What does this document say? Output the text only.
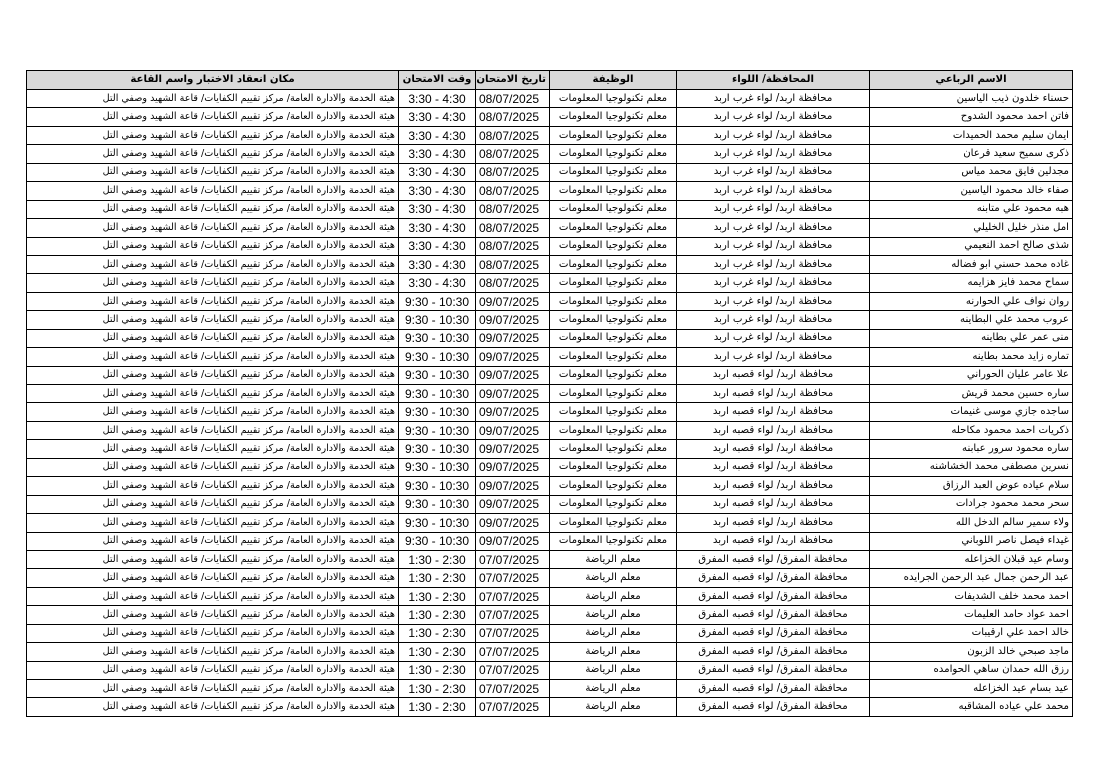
الاسم الرباعي	المحافظة/ اللواء	الوظيفة	تاريخ الامتحان	وقت الامتحان	مكان انعقاد الاختبار واسم القاعة
حسناء خلدون ذيب الياسين	محافظة اربد/ لواء غرب اربد	معلم تكنولوجيا المعلومات	08/07/2025	3:30 - 4:30	هيئة الخدمة والادارة العامة/ مركز تقييم الكفايات/ قاعة الشهيد وصفي التل
فاتن احمد محمود الشدوح	محافظة اربد/ لواء غرب اربد	معلم تكنولوجيا المعلومات	08/07/2025	3:30 - 4:30	هيئة الخدمة والادارة العامة/ مركز تقييم الكفايات/ قاعة الشهيد وصفي التل
ايمان سليم محمد الحميدات	محافظة اربد/ لواء غرب اربد	معلم تكنولوجيا المعلومات	08/07/2025	3:30 - 4:30	هيئة الخدمة والادارة العامة/ مركز تقييم الكفايات/ قاعة الشهيد وصفي التل
ذكرى سميح سعيد قرعان	محافظة اربد/ لواء غرب اربد	معلم تكنولوجيا المعلومات	08/07/2025	3:30 - 4:30	هيئة الخدمة والادارة العامة/ مركز تقييم الكفايات/ قاعة الشهيد وصفي التل
مجدلين فايق محمد مياس	محافظة اربد/ لواء غرب اربد	معلم تكنولوجيا المعلومات	08/07/2025	3:30 - 4:30	هيئة الخدمة والادارة العامة/ مركز تقييم الكفايات/ قاعة الشهيد وصفي التل
صفاء خالد محمود الياسين	محافظة اربد/ لواء غرب اربد	معلم تكنولوجيا المعلومات	08/07/2025	3:30 - 4:30	هيئة الخدمة والادارة العامة/ مركز تقييم الكفايات/ قاعة الشهيد وصفي التل
هبه محمود علي متابنه	محافظة اربد/ لواء غرب اربد	معلم تكنولوجيا المعلومات	08/07/2025	3:30 - 4:30	هيئة الخدمة والادارة العامة/ مركز تقييم الكفايات/ قاعة الشهيد وصفي التل
امل منذر خليل الخليلي	محافظة اربد/ لواء غرب اربد	معلم تكنولوجيا المعلومات	08/07/2025	3:30 - 4:30	هيئة الخدمة والادارة العامة/ مركز تقييم الكفايات/ قاعة الشهيد وصفي التل
شذى صالح احمد النعيمي	محافظة اربد/ لواء غرب اربد	معلم تكنولوجيا المعلومات	08/07/2025	3:30 - 4:30	هيئة الخدمة والادارة العامة/ مركز تقييم الكفايات/ قاعة الشهيد وصفي التل
غاده محمد حسني ابو فضاله	محافظة اربد/ لواء غرب اربد	معلم تكنولوجيا المعلومات	08/07/2025	3:30 - 4:30	هيئة الخدمة والادارة العامة/ مركز تقييم الكفايات/ قاعة الشهيد وصفي التل
سماح محمد فايز هزايمه	محافظة اربد/ لواء غرب اربد	معلم تكنولوجيا المعلومات	08/07/2025	3:30 - 4:30	هيئة الخدمة والادارة العامة/ مركز تقييم الكفايات/ قاعة الشهيد وصفي التل
روان نواف علي الحوارنه	محافظة اربد/ لواء غرب اربد	معلم تكنولوجيا المعلومات	09/07/2025	9:30 - 10:30	هيئة الخدمة والادارة العامة/ مركز تقييم الكفايات/ قاعة الشهيد وصفي التل
عروب محمد علي البطاينه	محافظة اربد/ لواء غرب اربد	معلم تكنولوجيا المعلومات	09/07/2025	9:30 - 10:30	هيئة الخدمة والادارة العامة/ مركز تقييم الكفايات/ قاعة الشهيد وصفي التل
منى عمر علي بطاينه	محافظة اربد/ لواء غرب اربد	معلم تكنولوجيا المعلومات	09/07/2025	9:30 - 10:30	هيئة الخدمة والادارة العامة/ مركز تقييم الكفايات/ قاعة الشهيد وصفي التل
تماره زايد محمد بطاينه	محافظة اربد/ لواء غرب اربد	معلم تكنولوجيا المعلومات	09/07/2025	9:30 - 10:30	هيئة الخدمة والادارة العامة/ مركز تقييم الكفايات/ قاعة الشهيد وصفي التل
علا عامر عليان الحوراني	محافظة اربد/ لواء قصبه اربد	معلم تكنولوجيا المعلومات	09/07/2025	9:30 - 10:30	هيئة الخدمة والادارة العامة/ مركز تقييم الكفايات/ قاعة الشهيد وصفي التل
ساره حسين محمد قريش	محافظة اربد/ لواء قصبه اربد	معلم تكنولوجيا المعلومات	09/07/2025	9:30 - 10:30	هيئة الخدمة والادارة العامة/ مركز تقييم الكفايات/ قاعة الشهيد وصفي التل
ساجده جازي موسى غنيمات	محافظة اربد/ لواء قصبه اربد	معلم تكنولوجيا المعلومات	09/07/2025	9:30 - 10:30	هيئة الخدمة والادارة العامة/ مركز تقييم الكفايات/ قاعة الشهيد وصفي التل
ذكريات احمد محمود مكاحله	محافظة اربد/ لواء قصبه اربد	معلم تكنولوجيا المعلومات	09/07/2025	9:30 - 10:30	هيئة الخدمة والادارة العامة/ مركز تقييم الكفايات/ قاعة الشهيد وصفي التل
ساره محمود سرور عبابنه	محافظة اربد/ لواء قصبه اربد	معلم تكنولوجيا المعلومات	09/07/2025	9:30 - 10:30	هيئة الخدمة والادارة العامة/ مركز تقييم الكفايات/ قاعة الشهيد وصفي التل
نسرين مصطفى محمد الخشاشنه	محافظة اربد/ لواء قصبه اربد	معلم تكنولوجيا المعلومات	09/07/2025	9:30 - 10:30	هيئة الخدمة والادارة العامة/ مركز تقييم الكفايات/ قاعة الشهيد وصفي التل
سلام عياده عوض العبد الرزاق	محافظة اربد/ لواء قصبه اربد	معلم تكنولوجيا المعلومات	09/07/2025	9:30 - 10:30	هيئة الخدمة والادارة العامة/ مركز تقييم الكفايات/ قاعة الشهيد وصفي التل
سحر محمد محمود جرادات	محافظة اربد/ لواء قصبه اربد	معلم تكنولوجيا المعلومات	09/07/2025	9:30 - 10:30	هيئة الخدمة والادارة العامة/ مركز تقييم الكفايات/ قاعة الشهيد وصفي التل
ولاء سمير سالم الدخل الله	محافظة اربد/ لواء قصبه اربد	معلم تكنولوجيا المعلومات	09/07/2025	9:30 - 10:30	هيئة الخدمة والادارة العامة/ مركز تقييم الكفايات/ قاعة الشهيد وصفي التل
غيداء فيصل ناصر اللوباني	محافظة اربد/ لواء قصبه اربد	معلم تكنولوجيا المعلومات	09/07/2025	9:30 - 10:30	هيئة الخدمة والادارة العامة/ مركز تقييم الكفايات/ قاعة الشهيد وصفي التل
وسام عيد قبلان الخزاعله	محافظة المفرق/ لواء قصبه المفرق	معلم الرياضة	07/07/2025	1:30 - 2:30	هيئة الخدمة والادارة العامة/ مركز تقييم الكفايات/ قاعة الشهيد وصفي التل
عبد الرحمن جمال عبد الرحمن الجرايده	محافظة المفرق/ لواء قصبه المفرق	معلم الرياضة	07/07/2025	1:30 - 2:30	هيئة الخدمة والادارة العامة/ مركز تقييم الكفايات/ قاعة الشهيد وصفي التل
احمد محمد خلف الشديفات	محافظة المفرق/ لواء قصبه المفرق	معلم الرياضة	07/07/2025	1:30 - 2:30	هيئة الخدمة والادارة العامة/ مركز تقييم الكفايات/ قاعة الشهيد وصفي التل
احمد عواد حامد العليمات	محافظة المفرق/ لواء قصبه المفرق	معلم الرياضة	07/07/2025	1:30 - 2:30	هيئة الخدمة والادارة العامة/ مركز تقييم الكفايات/ قاعة الشهيد وصفي التل
خالد احمد علي ارقيبات	محافظة المفرق/ لواء قصبه المفرق	معلم الرياضة	07/07/2025	1:30 - 2:30	هيئة الخدمة والادارة العامة/ مركز تقييم الكفايات/ قاعة الشهيد وصفي التل
ماجد صبحي خالد الزبون	محافظة المفرق/ لواء قصبه المفرق	معلم الرياضة	07/07/2025	1:30 - 2:30	هيئة الخدمة والادارة العامة/ مركز تقييم الكفايات/ قاعة الشهيد وصفي التل
رزق الله حمدان ساهي الحوامده	محافظة المفرق/ لواء قصبه المفرق	معلم الرياضة	07/07/2025	1:30 - 2:30	هيئة الخدمة والادارة العامة/ مركز تقييم الكفايات/ قاعة الشهيد وصفي التل
عيد بسام عيد الخزاعله	محافظة المفرق/ لواء قصبه المفرق	معلم الرياضة	07/07/2025	1:30 - 2:30	هيئة الخدمة والادارة العامة/ مركز تقييم الكفايات/ قاعة الشهيد وصفي التل
محمد علي عياده المشاقبه	محافظة المفرق/ لواء قصبه المفرق	معلم الرياضة	07/07/2025	1:30 - 2:30	هيئة الخدمة والادارة العامة/ مركز تقييم الكفايات/ قاعة الشهيد وصفي التل
